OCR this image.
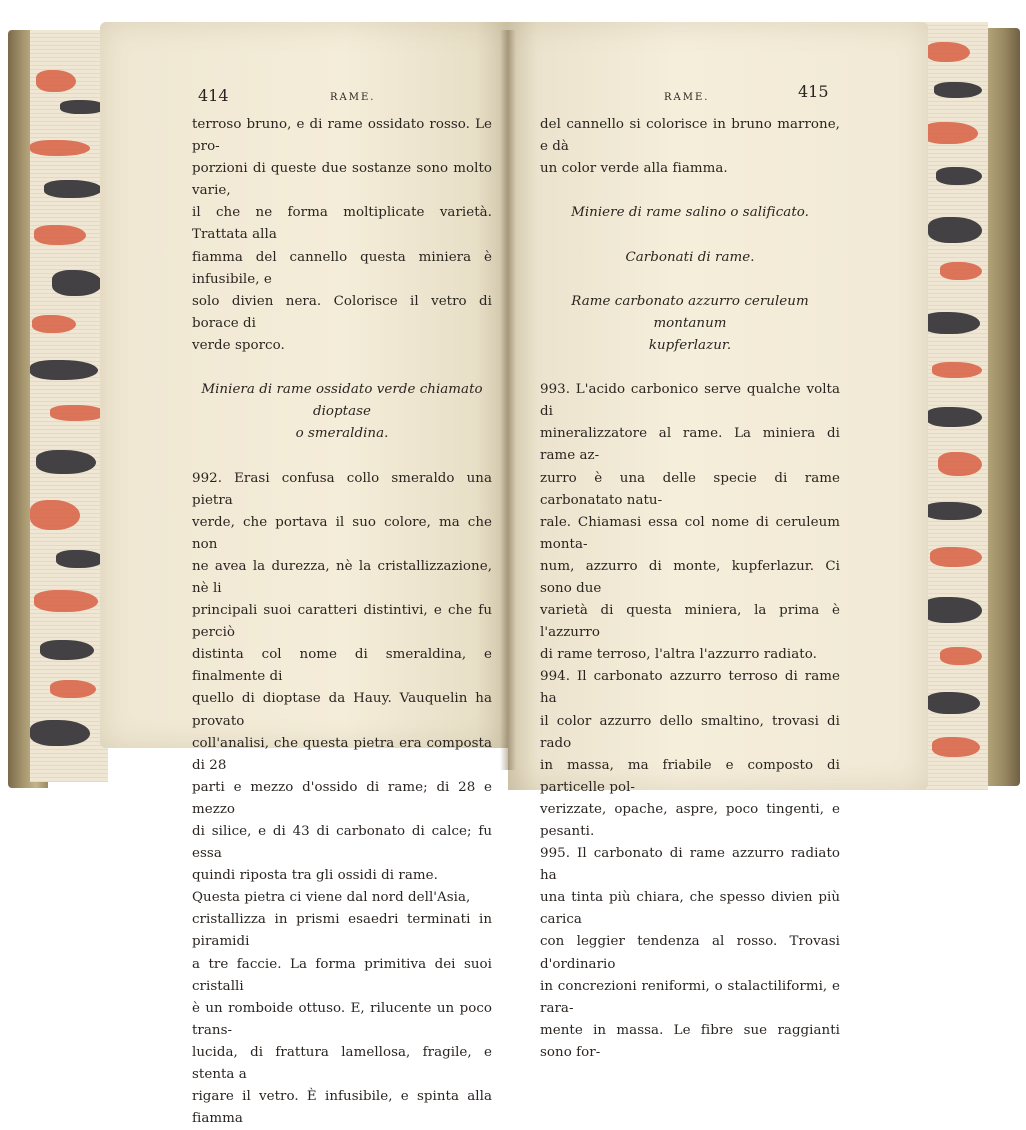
414	RAME.

terroso bruno, e di rame ossidato rosso. Le pro-

porzioni di queste due sostanze sono molto varie,

il che ne forma moltiplicate varietà. Trattata alla

fiamma del cannello questa miniera è infusibile, e

solo divien nera. Colorisce il vetro di borace di

verde sporco.

Miniera di rame ossidato verde chiamato dioptase

o smeraldina.

992. Erasi confusa collo smeraldo una pietra

verde, che portava il suo colore, ma che non

ne avea la durezza, nè la cristallizzazione, nè li

principali suoi caratteri distintivi, e che fu perciò

distinta col nome di smeraldina, e finalmente di

quello di dioptase da Hauy. Vauquelin ha provato

coll'analisi, che questa pietra era composta di 28

parti e mezzo d'ossido di rame; di 28 e mezzo

di silice, e di 43 di carbonato di calce; fu essa

quindi riposta tra gli ossidi di rame.

Questa pietra ci viene dal nord dell'Asia,

cristallizza in prismi esaedri terminati in piramidi

a tre faccie. La forma primitiva dei suoi cristalli

è un romboide ottuso. E, rilucente un poco trans-

lucida, di frattura lamellosa, fragile, e stenta a

rigare il vetro. È infusibile, e spinta alla fiamma

RAME.	415

del cannello si colorisce in bruno marrone, e dà

un color verde alla fiamma.

Miniere di rame salino o salificato.

Carbonati di rame.

Rame carbonato azzurro ceruleum montanum

kupferlazur.

993. L'acido carbonico serve qualche volta di

mineralizzatore al rame. La miniera di rame az-

zurro è una delle specie di rame carbonatato natu-

rale. Chiamasi essa col nome di ceruleum monta-

num, azzurro di monte, kupferlazur. Ci sono due

varietà di questa miniera, la prima è l'azzurro

di rame terroso, l'altra l'azzurro radiato.

994. Il carbonato azzurro terroso di rame ha

il color azzurro dello smaltino, trovasi di rado

in massa, ma friabile e composto di particelle pol-

verizzate, opache, aspre, poco tingenti, e pesanti.

995. Il carbonato di rame azzurro radiato ha

una tinta più chiara, che spesso divien più carica

con leggier tendenza al rosso. Trovasi d'ordinario

in concrezioni reniformi, o stalactiliformi, e rara-

mente in massa. Le fibre sue raggianti sono for-
